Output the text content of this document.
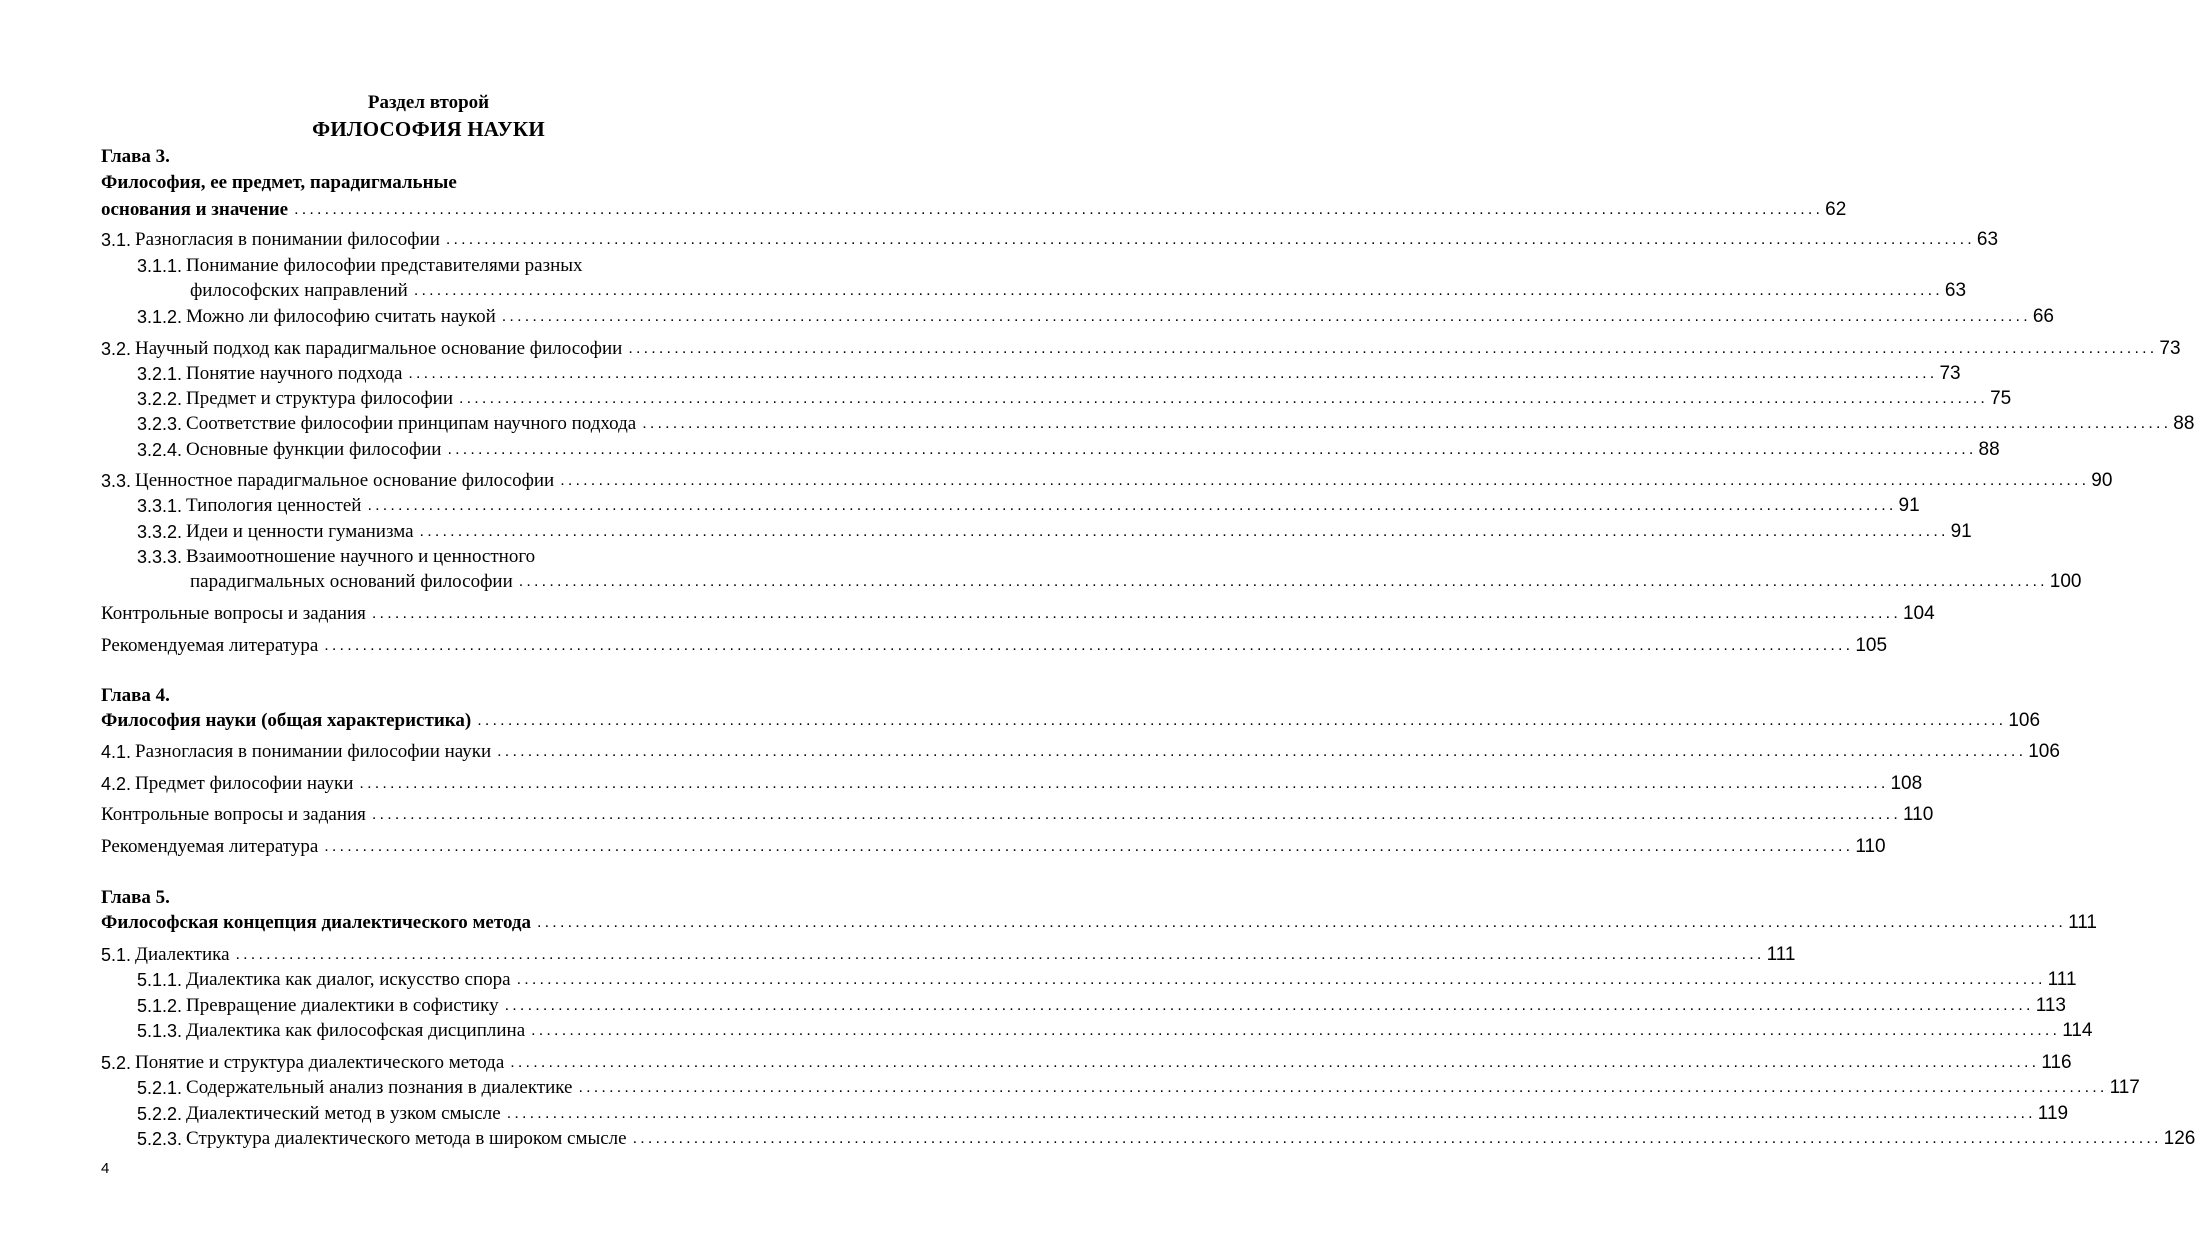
Раздел второй
ФИЛОСОФИЯ НАУКИ
Глава 3.
Философия, ее предмет, парадигмальные
основания и значение ........................................................................................................................................................................................................ 62
3.1. Разногласия в понимании философии ........................................................................................................................................................................................................ 63
3.1.1. Понимание философии представителями разных
философских направлений ........................................................................................................................................................................................................ 63
3.1.2. Можно ли философию считать наукой ........................................................................................................................................................................................................ 66
3.2. Научный подход как парадигмальное основание философии ........................................................................................................................................................................................................ 73
3.2.1. Понятие научного подхода ........................................................................................................................................................................................................ 73
3.2.2. Предмет и структура философии ........................................................................................................................................................................................................ 75
3.2.3. Соответствие философии принципам научного подхода ........................................................................................................................................................................................................ 88
3.2.4. Основные функции философии ........................................................................................................................................................................................................ 88
3.3. Ценностное парадигмальное основание философии ........................................................................................................................................................................................................ 90
3.3.1. Типология ценностей ........................................................................................................................................................................................................ 91
3.3.2. Идеи и ценности гуманизма ........................................................................................................................................................................................................ 91
3.3.3. Взаимоотношение научного и ценностного
парадигмальных оснований философии ........................................................................................................................................................................................................ 100
Контрольные вопросы и задания ........................................................................................................................................................................................................ 104
Рекомендуемая литература ........................................................................................................................................................................................................ 105
Глава 4.
Философия науки (общая характеристика) ........................................................................................................................................................................................................ 106
4.1. Разногласия в понимании философии науки ........................................................................................................................................................................................................ 106
4.2. Предмет философии науки ........................................................................................................................................................................................................ 108
Контрольные вопросы и задания ........................................................................................................................................................................................................ 110
Рекомендуемая литература ........................................................................................................................................................................................................ 110
Глава 5.
Философская концепция диалектического метода ........................................................................................................................................................................................................ 111
5.1. Диалектика ........................................................................................................................................................................................................ 111
5.1.1. Диалектика как диалог, искусство спора ........................................................................................................................................................................................................ 111
5.1.2. Превращение диалектики в софистику ........................................................................................................................................................................................................ 113
5.1.3. Диалектика как философская дисциплина ........................................................................................................................................................................................................ 114
5.2. Понятие и структура диалектического метода ........................................................................................................................................................................................................ 116
5.2.1. Содержательный анализ познания в диалектике ........................................................................................................................................................................................................ 117
5.2.2. Диалектический метод в узком смысле ........................................................................................................................................................................................................ 119
5.2.3. Структура диалектического метода в широком смысле ........................................................................................................................................................................................................ 126
4
